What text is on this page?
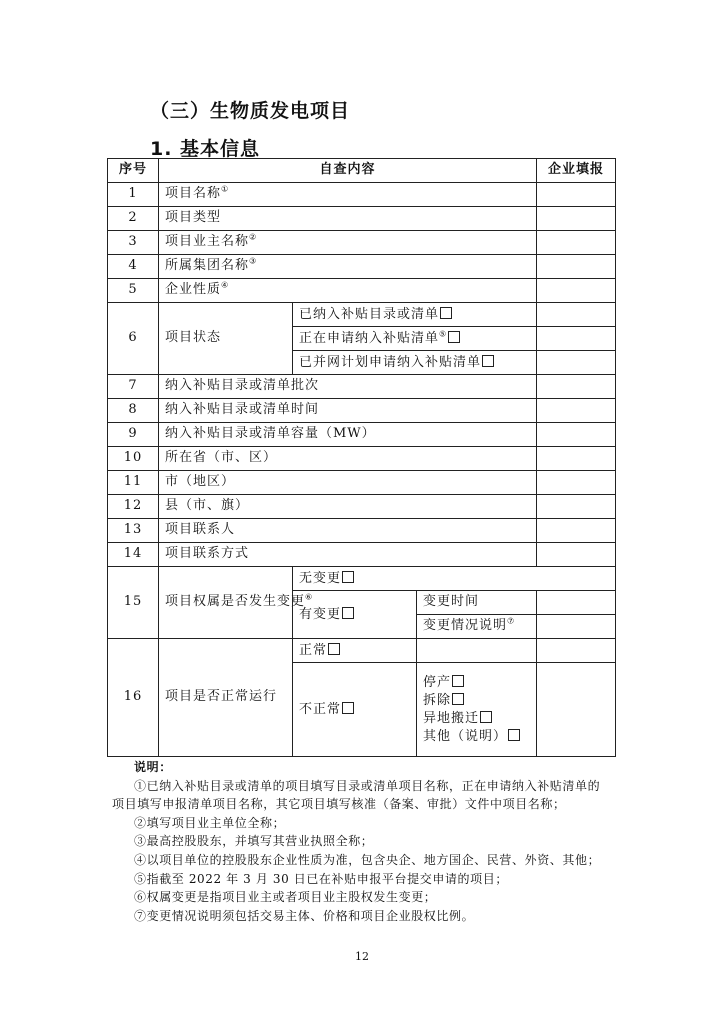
（三）生物质发电项目
1. 基本信息
序号	自查内容			企业填报
1	项目名称①	
2	项目类型			
3	项目业主名称②	
4	所属集团名称③	
5	企业性质④	
6	项目状态	已纳入补贴目录或清单		
		正在申请纳入补贴清单⑤	
		已并网计划申请纳入补贴清单		
7	纳入补贴目录或清单批次			
8	纳入补贴目录或清单时间			
9	纳入补贴目录或清单容量（MW）			
10	所在省（市、区）			
11	市（地区）			
12	县（市、旗）			
13	项目联系人			
14	项目联系方式			
15	项目权属是否发生变更⑥	无变更		
		有变更	变更时间	
			变更情况说明⑦	
16	项目是否正常运行	正常		
		不正常	停产
拆除
异地搬迁
其他（说明）	

说明：
①已纳入补贴目录或清单的项目填写目录或清单项目名称，正在申请纳入补贴清单的
项目填写申报清单项目名称，其它项目填写核准（备案、审批）文件中项目名称；
②填写项目业主单位全称；
③最高控股股东，并填写其营业执照全称；
④以项目单位的控股股东企业性质为准，包含央企、地方国企、民营、外资、其他；
⑤指截至 2022 年 3 月 30 日已在补贴申报平台提交申请的项目；
⑥权属变更是指项目业主或者项目业主股权发生变更；
⑦变更情况说明须包括交易主体、价格和项目企业股权比例。
12
